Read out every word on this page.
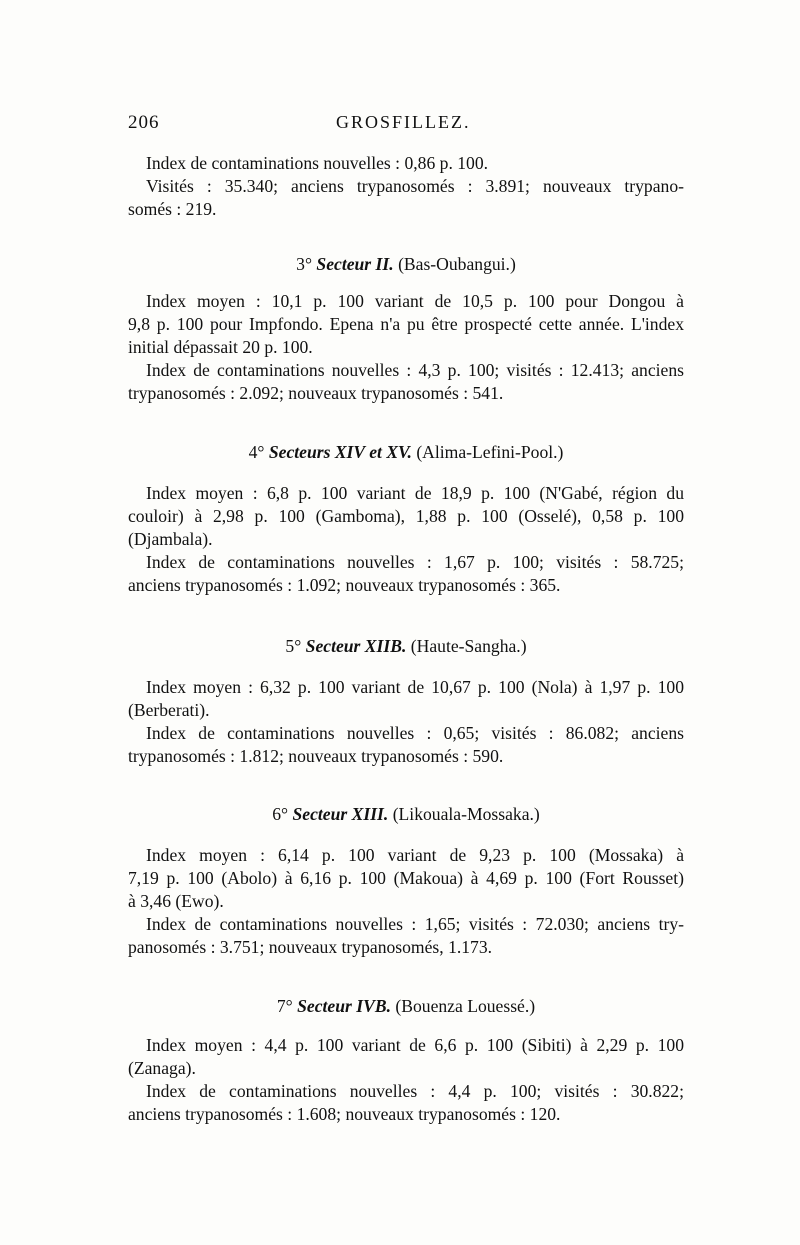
206	GROSFILLEZ.
Index de contaminations nouvelles : 0,86 p. 100.
Visités : 35.340; anciens trypanosomés : 3.891; nouveaux trypano-
somés : 219.
3° Secteur II. (Bas-Oubangui.)
Index moyen : 10,1 p. 100 variant de 10,5 p. 100 pour Dongou à
9,8 p. 100 pour Impfondo. Epena n'a pu être prospecté cette année. L'index
initial dépassait 20 p. 100.
Index de contaminations nouvelles : 4,3 p. 100; visités : 12.413; anciens
trypanosomés : 2.092; nouveaux trypanosomés : 541.
4° Secteurs XIV et XV. (Alima-Lefini-Pool.)
Index moyen : 6,8 p. 100 variant de 18,9 p. 100 (N'Gabé, région du
couloir) à 2,98 p. 100 (Gamboma), 1,88 p. 100 (Osselé), 0,58 p. 100
(Djambala).
Index de contaminations nouvelles : 1,67 p. 100; visités : 58.725;
anciens trypanosomés : 1.092; nouveaux trypanosomés : 365.
5° Secteur XIIB. (Haute-Sangha.)
Index moyen : 6,32 p. 100 variant de 10,67 p. 100 (Nola) à 1,97 p. 100
(Berberati).
Index de contaminations nouvelles : 0,65; visités : 86.082; anciens
trypanosomés : 1.812; nouveaux trypanosomés : 590.
6° Secteur XIII. (Likouala-Mossaka.)
Index moyen : 6,14 p. 100 variant de 9,23 p. 100 (Mossaka) à
7,19 p. 100 (Abolo) à 6,16 p. 100 (Makoua) à 4,69 p. 100 (Fort Rousset)
à 3,46 (Ewo).
Index de contaminations nouvelles : 1,65; visités : 72.030; anciens try-
panosomés : 3.751; nouveaux trypanosomés, 1.173.
7° Secteur IVB. (Bouenza Louessé.)
Index moyen : 4,4 p. 100 variant de 6,6 p. 100 (Sibiti) à 2,29 p. 100
(Zanaga).
Index de contaminations nouvelles : 4,4 p. 100; visités : 30.822;
anciens trypanosomés : 1.608; nouveaux trypanosomés : 120.
